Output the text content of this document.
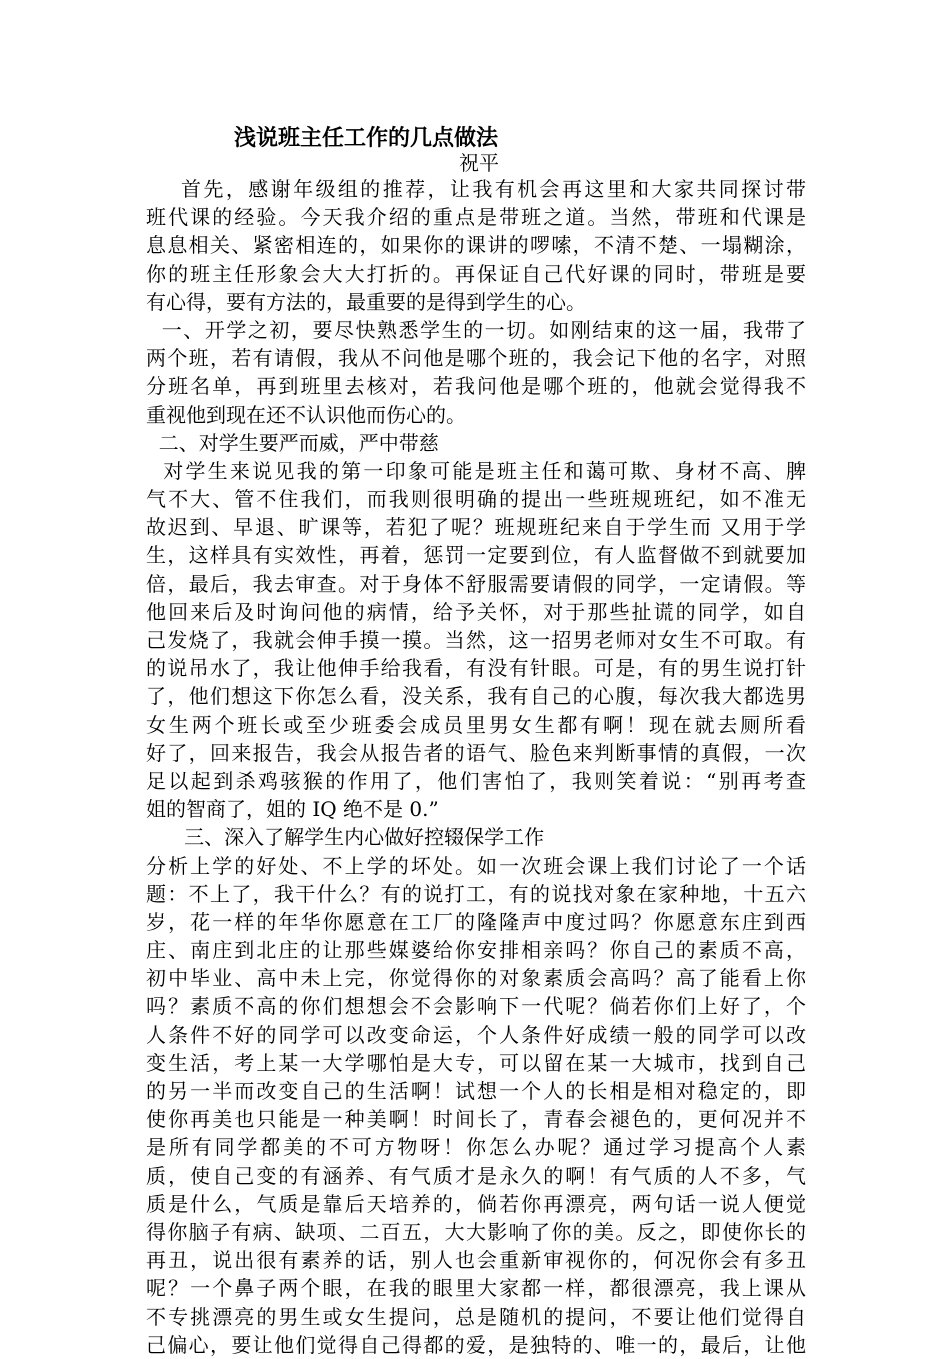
浅说班主任工作的几点做法
祝平
首先，感谢年级组的推荐，让我有机会再这里和大家共同探讨带
班代课的经验。今天我介绍的重点是带班之道。当然，带班和代课是
息息相关、紧密相连的，如果你的课讲的啰嗦，不清不楚、一塌糊涂，
你的班主任形象会大大打折的。再保证自己代好课的同时，带班是要
有心得，要有方法的，最重要的是得到学生的心。
一、开学之初，要尽快熟悉学生的一切。如刚结束的这一届，我带了
两个班，若有请假，我从不问他是哪个班的，我会记下他的名字，对照
分班名单，再到班里去核对，若我问他是哪个班的，他就会觉得我不
重视他到现在还不认识他而伤心的。
二、对学生要严而威，严中带慈
对学生来说见我的第一印象可能是班主任和蔼可欺、身材不高、脾
气不大、管不住我们，而我则很明确的提出一些班规班纪，如不准无
故迟到、早退、旷课等，若犯了呢？班规班纪来自于学生而 又用于学
生，这样具有实效性，再着，惩罚一定要到位，有人监督做不到就要加
倍，最后，我去审查。对于身体不舒服需要请假的同学，一定请假。等
他回来后及时询问他的病情，给予关怀，对于那些扯谎的同学，如自
己发烧了，我就会伸手摸一摸。当然，这一招男老师对女生不可取。有
的说吊水了，我让他伸手给我看，有没有针眼。可是，有的男生说打针
了，他们想这下你怎么看，没关系，我有自己的心腹，每次我大都选男
女生两个班长或至少班委会成员里男女生都有啊！现在就去厕所看
好了，回来报告，我会从报告者的语气、脸色来判断事情的真假，一次
足以起到杀鸡骇猴的作用了，他们害怕了，我则笑着说：“别再考查
姐的智商了，姐的 IQ 绝不是 0.”
三、深入了解学生内心做好控辍保学工作
分析上学的好处、不上学的坏处。如一次班会课上我们讨论了一个话
题：不上了，我干什么？有的说打工，有的说找对象在家种地，十五六
岁，花一样的年华你愿意在工厂的隆隆声中度过吗？你愿意东庄到西
庄、南庄到北庄的让那些媒婆给你安排相亲吗？你自己的素质不高，
初中毕业、高中未上完，你觉得你的对象素质会高吗？高了能看上你
吗？素质不高的你们想想会不会影响下一代呢？倘若你们上好了，个
人条件不好的同学可以改变命运，个人条件好成绩一般的同学可以改
变生活，考上某一大学哪怕是大专，可以留在某一大城市，找到自己
的另一半而改变自己的生活啊！试想一个人的长相是相对稳定的，即
使你再美也只能是一种美啊！时间长了，青春会褪色的，更何况并不
是所有同学都美的不可方物呀！你怎么办呢？通过学习提高个人素
质，使自己变的有涵养、有气质才是永久的啊！有气质的人不多，气
质是什么，气质是靠后天培养的，倘若你再漂亮，两句话一说人便觉
得你脑子有病、缺项、二百五，大大影响了你的美。反之，即使你长的
再丑，说出很有素养的话，别人也会重新审视你的，何况你会有多丑
呢？一个鼻子两个眼，在我的眼里大家都一样，都很漂亮，我上课从
不专挑漂亮的男生或女生提问，总是随机的提问，不要让他们觉得自
己偏心，要让他们觉得自己得都的爱，是独特的、唯一的，最后，让他
